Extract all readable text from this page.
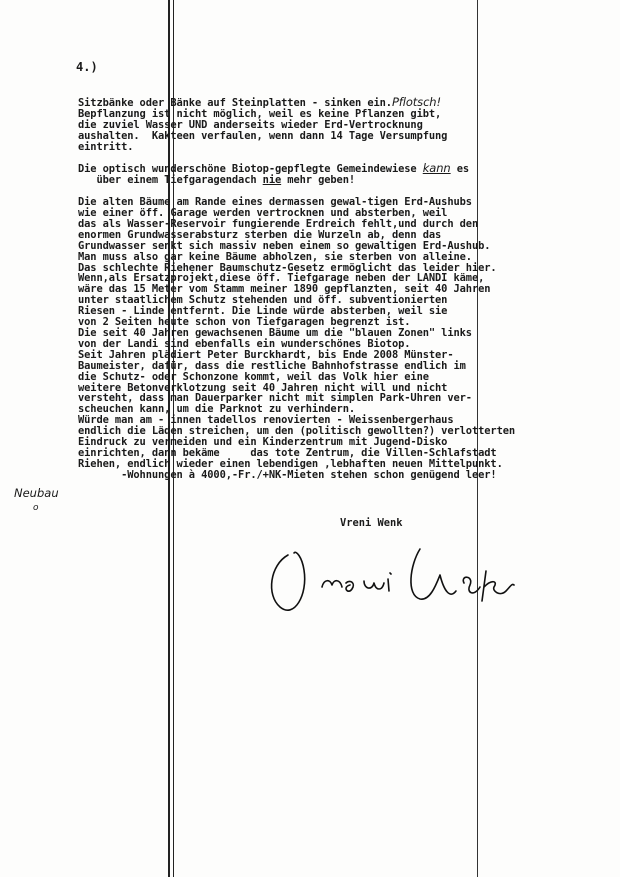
4.)
Sitzbänke oder Bänke auf Steinplatten - sinken ein.Pflotsch!
Bepflanzung ist nicht möglich, weil es keine Pflanzen gibt,
die zuviel Wasser UND anderseits wieder Erd-Vertrocknung
aushalten.  Kakteen verfaulen, wenn dann 14 Tage Versumpfung
eintritt.
Die optisch wunderschöne Biotop-gepflegte Gemeindewiese kann es
über einem Tiefgaragendach nie mehr geben!
Die alten Bäume am Rande eines dermassen gewal-tigen Erd-Aushubs
wie einer öff. Garage werden vertrocknen und absterben, weil
das als Wasser-Reservoir fungierende Erdreich fehlt,und durch den
enormen Grundwasserabsturz sterben die Wurzeln ab, denn das
Grundwasser senkt sich massiv neben einem so gewaltigen Erd-Aushub.
Man muss also gar keine Bäume abholzen, sie sterben von alleine.
Das schlechte Riehener Baumschutz-Gesetz ermöglicht das leider hier.
Wenn,als Ersatzprojekt,diese öff. Tiefgarage neben der LANDI käme,
wäre das 15 Meter vom Stamm meiner 1890 gepflanzten, seit 40 Jahren
unter staatlichem Schutz stehenden und öff. subventionierten
Riesen - Linde entfernt. Die Linde würde absterben, weil sie
von 2 Seiten heute schon von Tiefgaragen begrenzt ist.
Die seit 40 Jahren gewachsenen Bäume um die "blauen Zonen" links
von der Landi sind ebenfalls ein wunderschönes Biotop.
Seit Jahren plädiert Peter Burckhardt, bis Ende 2008 Münster-
Baumeister, dafür, dass die restliche Bahnhofstrasse endlich im
die Schutz- oder Schonzone kommt, weil das Volk hier eine
weitere Betonverklotzung seit 40 Jahren nicht will und nicht
versteht, dass man Dauerparker nicht mit simplen Park-Uhren ver-
scheuchen kann, um die Parknot zu verhindern.
Würde man am - innen tadellos renovierten - Weissenbergerhaus
endlich die Läden streichen, um den (politisch gewollten?) verlotterten
Eindruck zu vermeiden und ein Kinderzentrum mit Jugend-Disko
einrichten, dann bekäme     das tote Zentrum, die Villen-Schlafstadt
Riehen, endlich wieder einen lebendigen ,lebhaften neuen Mittelpunkt.
-Wohnungen à 4000,-Fr./+NK-Mieten stehen schon genügend leer!
Neubau
o
Vreni Wenk
